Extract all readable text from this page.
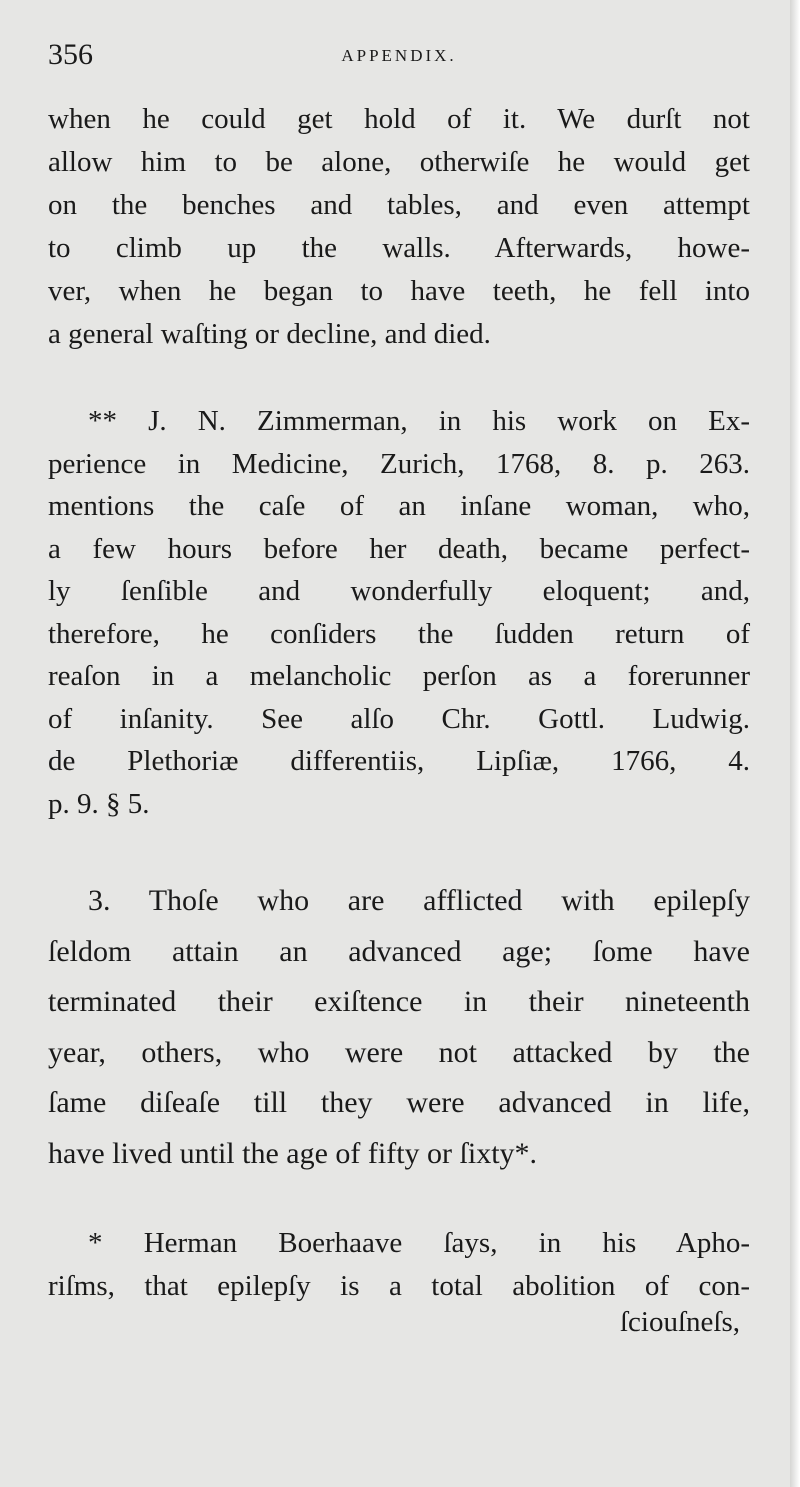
356	APPENDIX.
when he could get hold of it. We durſt not
allow him to be alone, otherwiſe he would get
on the benches and tables, and even attempt
to climb up the walls. Afterwards, howe-
ver, when he began to have teeth, he fell into
a general waſting or decline, and died.
** J. N. Zimmerman, in his work on Ex-
perience in Medicine, Zurich, 1768, 8. p. 263.
mentions the caſe of an inſane woman, who,
a few hours before her death, became perfect-
ly ſenſible and wonderfully eloquent; and,
therefore, he conſiders the ſudden return of
reaſon in a melancholic perſon as a forerunner
of inſanity. See alſo Chr. Gottl. Ludwig.
de Plethoriæ differentiis, Lipſiæ, 1766, 4.
p. 9. § 5.
3. Thoſe who are afflicted with epilepſy
ſeldom attain an advanced age; ſome have
terminated their exiſtence in their nineteenth
year, others, who were not attacked by the
ſame diſeaſe till they were advanced in life,
have lived until the age of fifty or ſixty*.
* Herman Boerhaave ſays, in his Apho-
riſms, that epilepſy is a total abolition of con-
ſciouſneſs,
